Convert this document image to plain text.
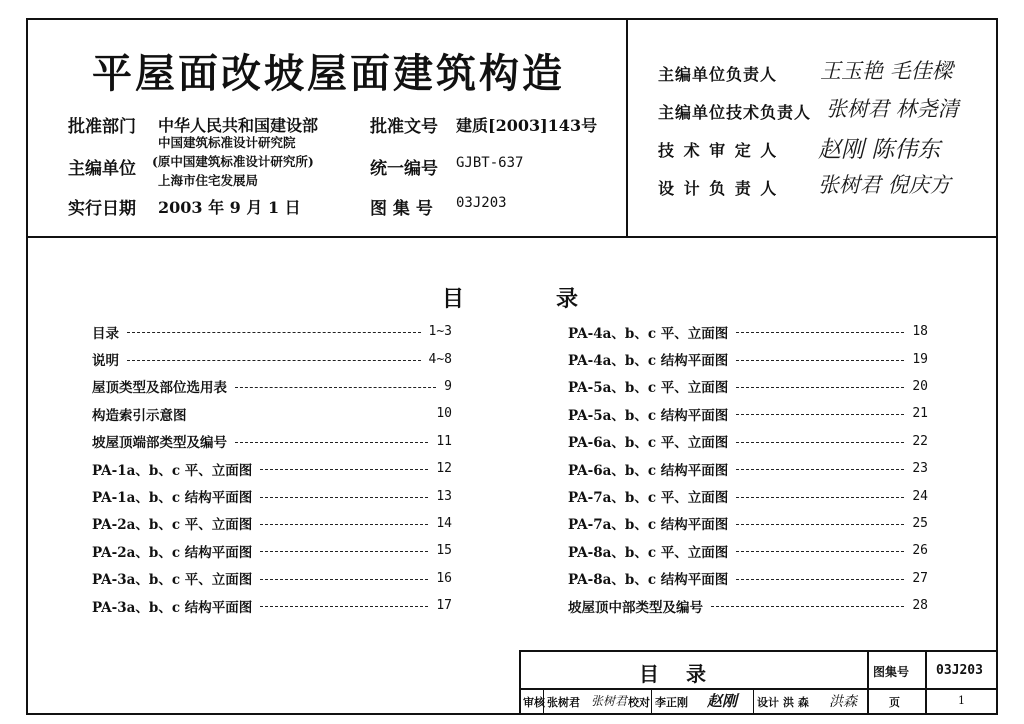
平屋面改坡屋面建筑构造
批准部门 中华人民共和国建设部
主编单位
中国建筑标准设计研究院
(原中国建筑标准设计研究所)
上海市住宅发展局
实行日期 2003 年 9 月 1 日
批准文号 建质[2003]143号
统一编号 GJBT-637
图 集 号 03J203
主编单位负责人 王玉艳 毛佳樑
主编单位技术负责人 张树君 林尧清
技 术 审 定 人 赵刚 陈伟东
设 计 负 责 人 张树君 倪庆方
目	录
目录	1~3
说明	4~8
屋顶类型及部位选用表	9
构造索引示意图	10
坡屋顶端部类型及编号	11
PA-1a、b、c 平、立面图	12
PA-1a、b、c 结构平面图	13
PA-2a、b、c 平、立面图	14
PA-2a、b、c 结构平面图	15
PA-3a、b、c 平、立面图	16
PA-3a、b、c 结构平面图	17
PA-4a、b、c 平、立面图	18
PA-4a、b、c 结构平面图	19
PA-5a、b、c 平、立面图	20
PA-5a、b、c 结构平面图	21
PA-6a、b、c 平、立面图	22
PA-6a、b、c 结构平面图	23
PA-7a、b、c 平、立面图	24
PA-7a、b、c 结构平面图	25
PA-8a、b、c 平、立面图	26
PA-8a、b、c 结构平面图	27
坡屋顶中部类型及编号	28
目 录	图集号 03J203
审核 张树君 张树君 校对 李正刚 赵刚 设计 洪 森 洪森	页	1
